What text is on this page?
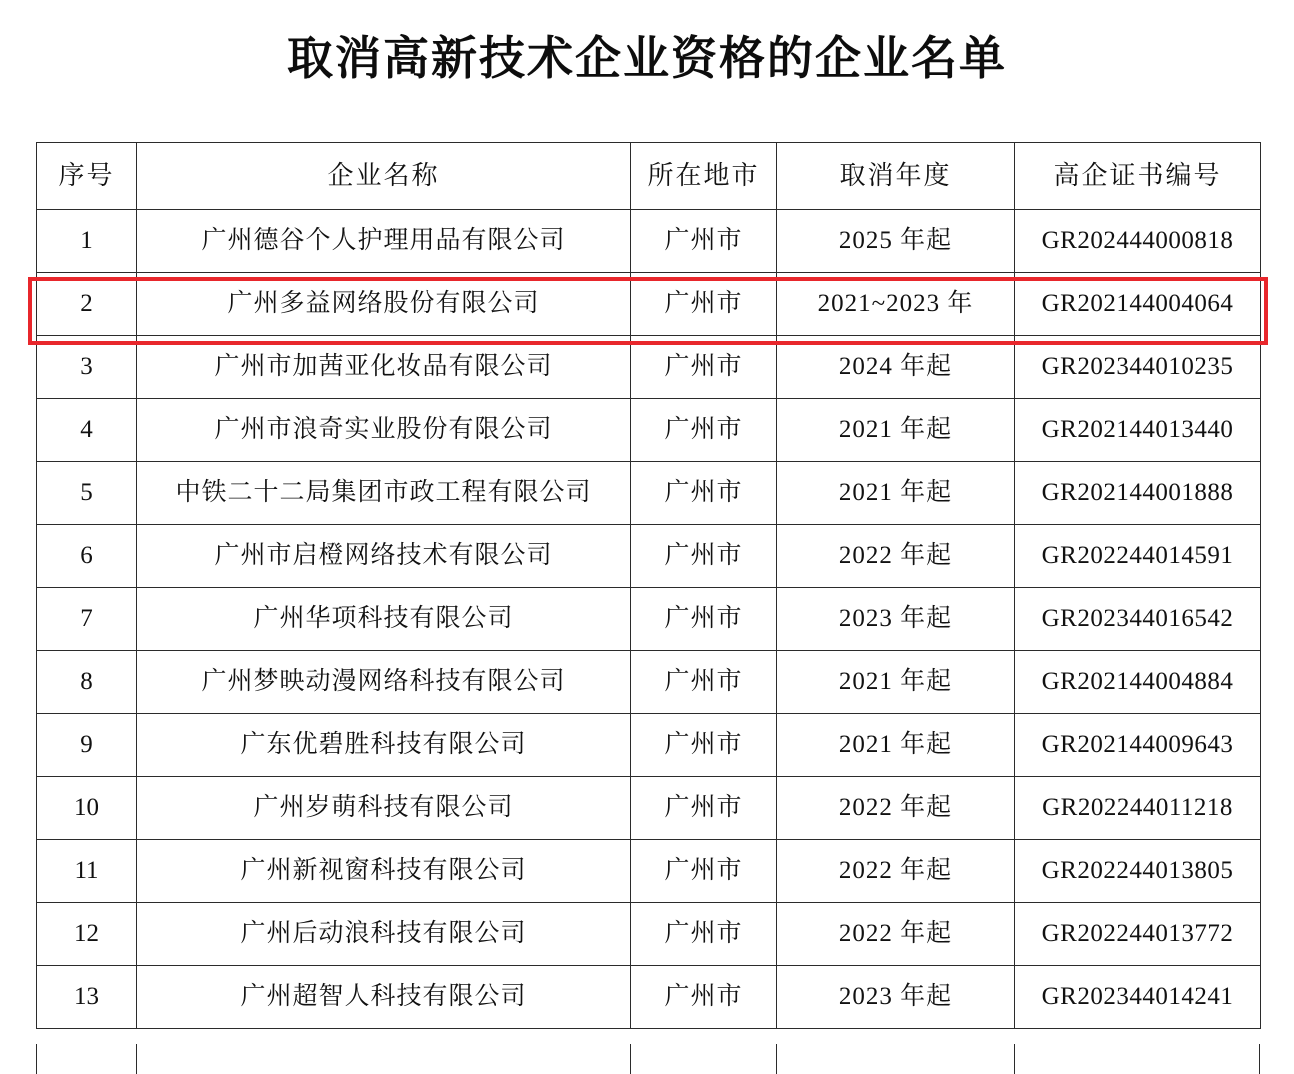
取消高新技术企业资格的企业名单
序号	企业名称	所在地市	取消年度	高企证书编号
1	广州德谷个人护理用品有限公司	广州市	2025 年起	GR202444000818
2	广州多益网络股份有限公司	广州市	2021~2023 年	GR202144004064
3	广州市加茜亚化妆品有限公司	广州市	2024 年起	GR202344010235
4	广州市浪奇实业股份有限公司	广州市	2021 年起	GR202144013440
5	中铁二十二局集团市政工程有限公司	广州市	2021 年起	GR202144001888
6	广州市启橙网络技术有限公司	广州市	2022 年起	GR202244014591
7	广州华项科技有限公司	广州市	2023 年起	GR202344016542
8	广州梦映动漫网络科技有限公司	广州市	2021 年起	GR202144004884
9	广东优碧胜科技有限公司	广州市	2021 年起	GR202144009643
10	广州岁萌科技有限公司	广州市	2022 年起	GR202244011218
11	广州新视窗科技有限公司	广州市	2022 年起	GR202244013805
12	广州后动浪科技有限公司	广州市	2022 年起	GR202244013772
13	广州超智人科技有限公司	广州市	2023 年起	GR202344014241
